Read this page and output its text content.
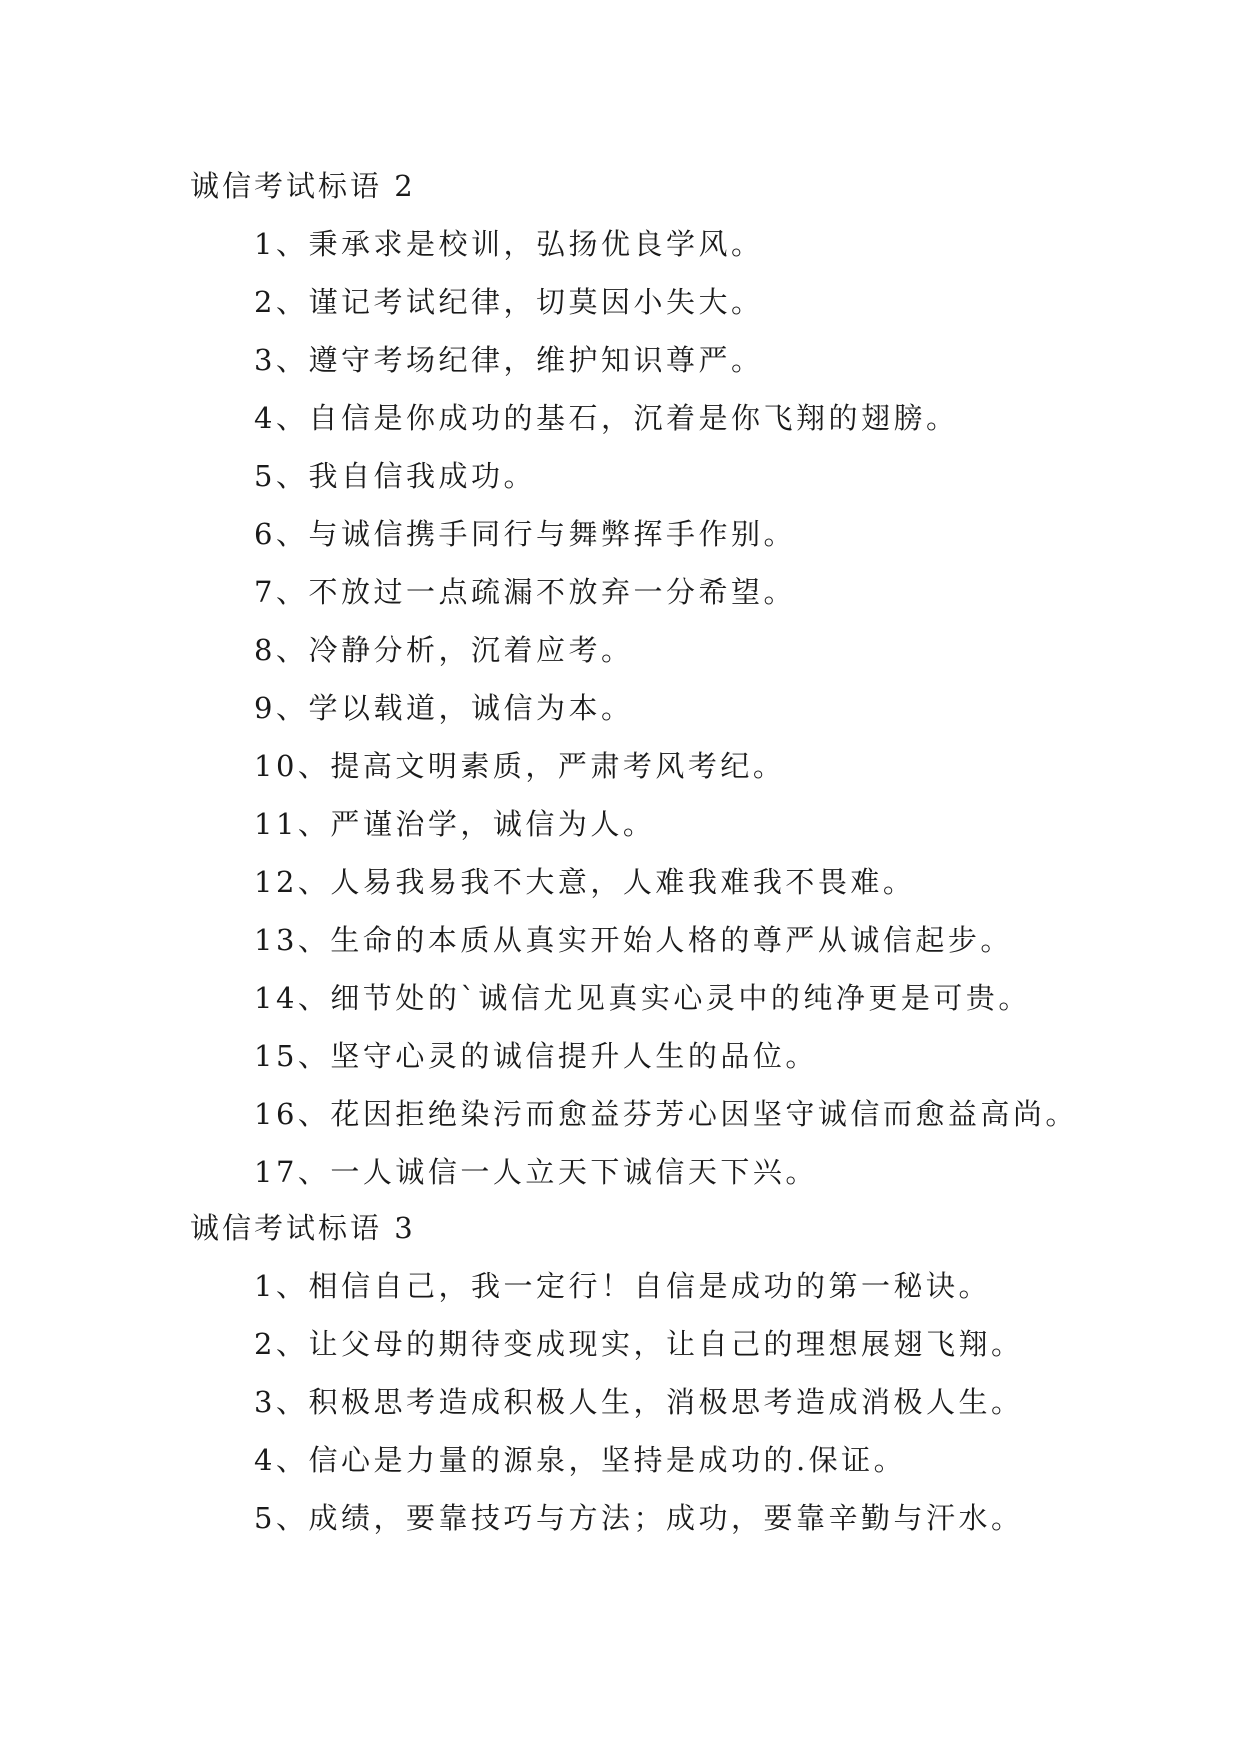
诚信考试标语 2
1、秉承求是校训，弘扬优良学风。
2、谨记考试纪律，切莫因小失大。
3、遵守考场纪律，维护知识尊严。
4、自信是你成功的基石，沉着是你飞翔的翅膀。
5、我自信我成功。
6、与诚信携手同行与舞弊挥手作别。
7、不放过一点疏漏不放弃一分希望。
8、冷静分析，沉着应考。
9、学以载道，诚信为本。
10、提高文明素质，严肃考风考纪。
11、严谨治学，诚信为人。
12、人易我易我不大意，人难我难我不畏难。
13、生命的本质从真实开始人格的尊严从诚信起步。
14、细节处的`诚信尤见真实心灵中的纯净更是可贵。
15、坚守心灵的诚信提升人生的品位。
16、花因拒绝染污而愈益芬芳心因坚守诚信而愈益高尚。
17、一人诚信一人立天下诚信天下兴。
诚信考试标语 3
1、相信自己，我一定行！自信是成功的第一秘诀。
2、让父母的期待变成现实，让自己的理想展翅飞翔。
3、积极思考造成积极人生，消极思考造成消极人生。
4、信心是力量的源泉，坚持是成功的.保证。
5、成绩，要靠技巧与方法；成功，要靠辛勤与汗水。
